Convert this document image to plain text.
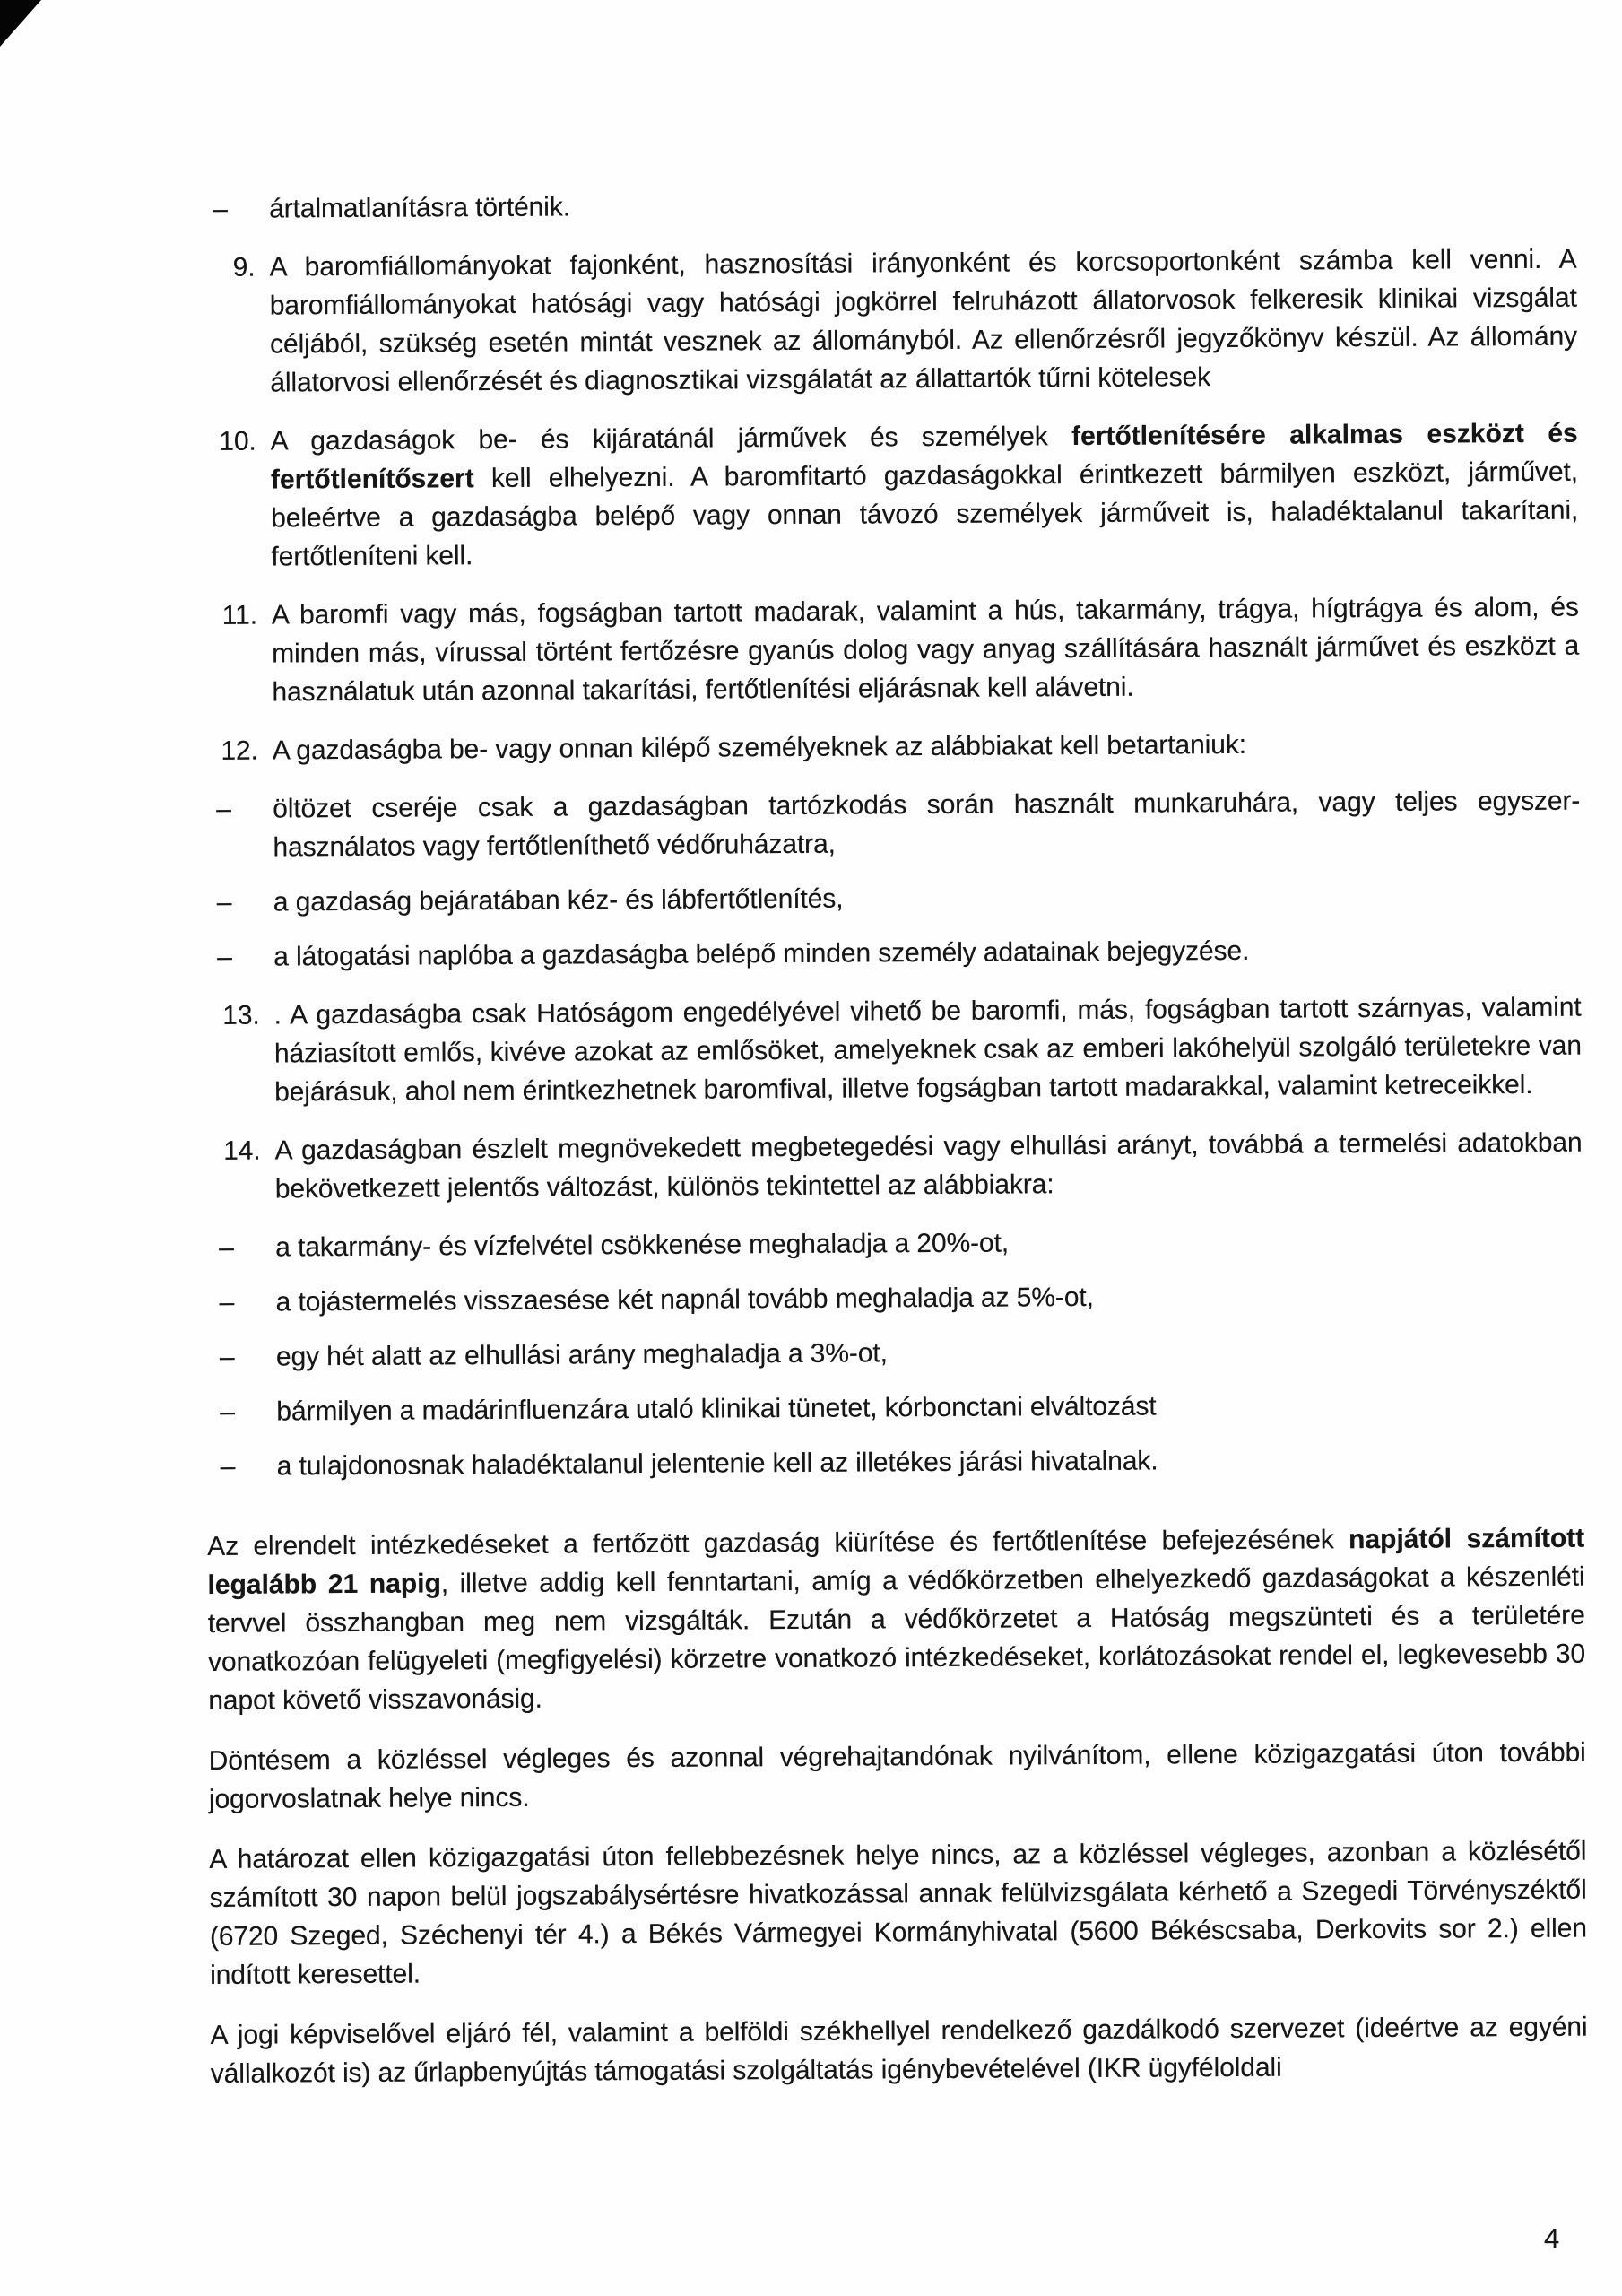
–	ártalmatlanításra történik.
9. A baromfiállományokat fajonként, hasznosítási irányonként és korcsoportonként számba kell venni. A baromfiállományokat hatósági vagy hatósági jogkörrel felruházott állatorvosok felkeresik klinikai vizsgálat céljából, szükség esetén mintát vesznek az állományból. Az ellenőrzésről jegyzőkönyv készül. Az állomány állatorvosi ellenőrzését és diagnosztikai vizsgálatát az állattartók tűrni kötelesek
10. A gazdaságok be- és kijáratánál járművek és személyek fertőtlenítésére alkalmas eszközt és fertőtlenítőszert kell elhelyezni. A baromfitartó gazdaságokkal érintkezett bármilyen eszközt, járművet, beleértve a gazdaságba belépő vagy onnan távozó személyek járműveit is, haladéktalanul takarítani, fertőtleníteni kell.
11. A baromfi vagy más, fogságban tartott madarak, valamint a hús, takarmány, trágya, hígtrágya és alom, és minden más, vírussal történt fertőzésre gyanús dolog vagy anyag szállítására használt járművet és eszközt a használatuk után azonnal takarítási, fertőtlenítési eljárásnak kell alávetni.
12. A gazdaságba be- vagy onnan kilépő személyeknek az alábbiakat kell betartaniuk:
–	öltözet cseréje csak a gazdaságban tartózkodás során használt munkaruhára, vagy teljes egyszer-használatos vagy fertőtleníthető védőruházatra,
–	a gazdaság bejáratában kéz- és lábfertőtlenítés,
–	a látogatási naplóba a gazdaságba belépő minden személy adatainak bejegyzése.
13. . A gazdaságba csak Hatóságom engedélyével vihető be baromfi, más, fogságban tartott szárnyas, valamint háziasított emlős, kivéve azokat az emlősöket, amelyeknek csak az emberi lakóhelyül szolgáló területekre van bejárásuk, ahol nem érintkezhetnek baromfival, illetve fogságban tartott madarakkal, valamint ketreceikkel.
14. A gazdaságban észlelt megnövekedett megbetegedési vagy elhullási arányt, továbbá a termelési adatokban bekövetkezett jelentős változást, különös tekintettel az alábbiakra:
–	a takarmány- és vízfelvétel csökkenése meghaladja a 20%-ot,
–	a tojástermelés visszaesése két napnál tovább meghaladja az 5%-ot,
–	egy hét alatt az elhullási arány meghaladja a 3%-ot,
–	bármilyen a madárinfluenzára utaló klinikai tünetet, kórbonctani elváltozást
–	a tulajdonosnak haladéktalanul jelentenie kell az illetékes járási hivatalnak.

Az elrendelt intézkedéseket a fertőzött gazdaság kiürítése és fertőtlenítése befejezésének napjától számított legalább 21 napig, illetve addig kell fenntartani, amíg a védőkörzetben elhelyezkedő gazdaságokat a készenléti tervvel összhangban meg nem vizsgálták. Ezután a védőkörzetet a Hatóság megszünteti és a területére vonatkozóan felügyeleti (megfigyelési) körzetre vonatkozó intézkedéseket, korlátozásokat rendel el, legkevesebb 30 napot követő visszavonásig.

Döntésem a közléssel végleges és azonnal végrehajtandónak nyilvánítom, ellene közigazgatási úton további jogorvoslatnak helye nincs.

A határozat ellen közigazgatási úton fellebbezésnek helye nincs, az a közléssel végleges, azonban a közlésétől számított 30 napon belül jogszabálysértésre hivatkozással annak felülvizsgálata kérhető a Szegedi Törvényszéktől (6720 Szeged, Széchenyi tér 4.) a Békés Vármegyei Kormányhivatal (5600 Békéscsaba, Derkovits sor 2.) ellen indított keresettel.

A jogi képviselővel eljáró fél, valamint a belföldi székhellyel rendelkező gazdálkodó szervezet (ideértve az egyéni vállalkozót is) az űrlapbenyújtás támogatási szolgáltatás igénybevételével (IKR ügyféloldali

4
